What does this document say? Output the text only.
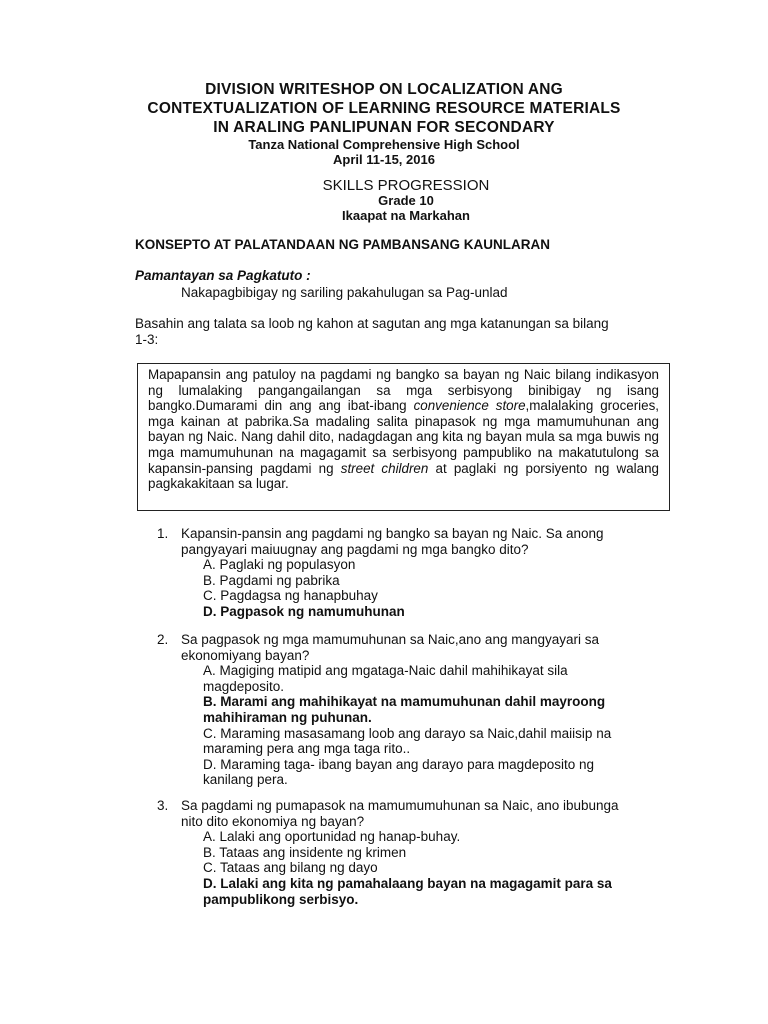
DIVISION WRITESHOP ON LOCALIZATION ANG
CONTEXTUALIZATION OF LEARNING RESOURCE MATERIALS
IN ARALING PANLIPUNAN FOR SECONDARY
Tanza National Comprehensive High School
April 11-15, 2016
SKILLS PROGRESSION
Grade 10
Ikaapat na Markahan
KONSEPTO AT PALATANDAAN NG PAMBANSANG KAUNLARAN
Pamantayan sa Pagkatuto :
Nakapagbibigay ng sariling pakahulugan sa Pag-unlad
Basahin ang talata sa loob ng kahon at sagutan ang mga katanungan sa bilang
1-3:

Mapapansin ang patuloy na pagdami ng bangko sa bayan ng Naic bilang indikasyon ng lumalaking pangangailangan sa mga serbisyong binibigay ng isang bangko.Dumarami din ang ang ibat-ibang convenience store,malalaking groceries, mga kainan at pabrika.Sa madaling salita pinapasok ng mga mamumuhunan ang bayan ng Naic. Nang dahil dito, nadagdagan ang kita ng bayan mula sa mga buwis ng mga mamumuhunan na magagamit sa serbisyong pampubliko na makatutulong sa kapansin-pansing pagdami ng street children at paglaki ng porsiyento ng walang pagkakakitaan sa lugar.

1. Kapansin-pansin ang pagdami ng bangko sa bayan ng Naic. Sa anong
pangyayari maiuugnay ang pagdami ng mga bangko dito?
A. Paglaki ng populasyon
B. Pagdami ng pabrika
C. Pagdagsa ng hanapbuhay
D. Pagpasok ng namumuhunan
2. Sa pagpasok ng mga mamumuhunan sa Naic,ano ang mangyayari sa
ekonomiyang bayan?
A. Magiging matipid ang mgataga-Naic dahil mahihikayat sila
magdeposito.
B. Marami ang mahihikayat na mamumuhunan dahil mayroong
mahihiraman ng puhunan.
C. Maraming masasamang loob ang darayo sa Naic,dahil maiisip na
maraming pera ang mga taga rito..
D. Maraming taga- ibang bayan ang darayo para magdeposito ng
kanilang pera.
3. Sa pagdami ng pumapasok na mamumumuhunan sa Naic, ano ibubunga
nito dito ekonomiya ng bayan?
A. Lalaki ang oportunidad ng hanap-buhay.
B. Tataas ang insidente ng krimen
C. Tataas ang bilang ng dayo
D. Lalaki ang kita ng pamahalaang bayan na magagamit para sa
pampublikong serbisyo.
